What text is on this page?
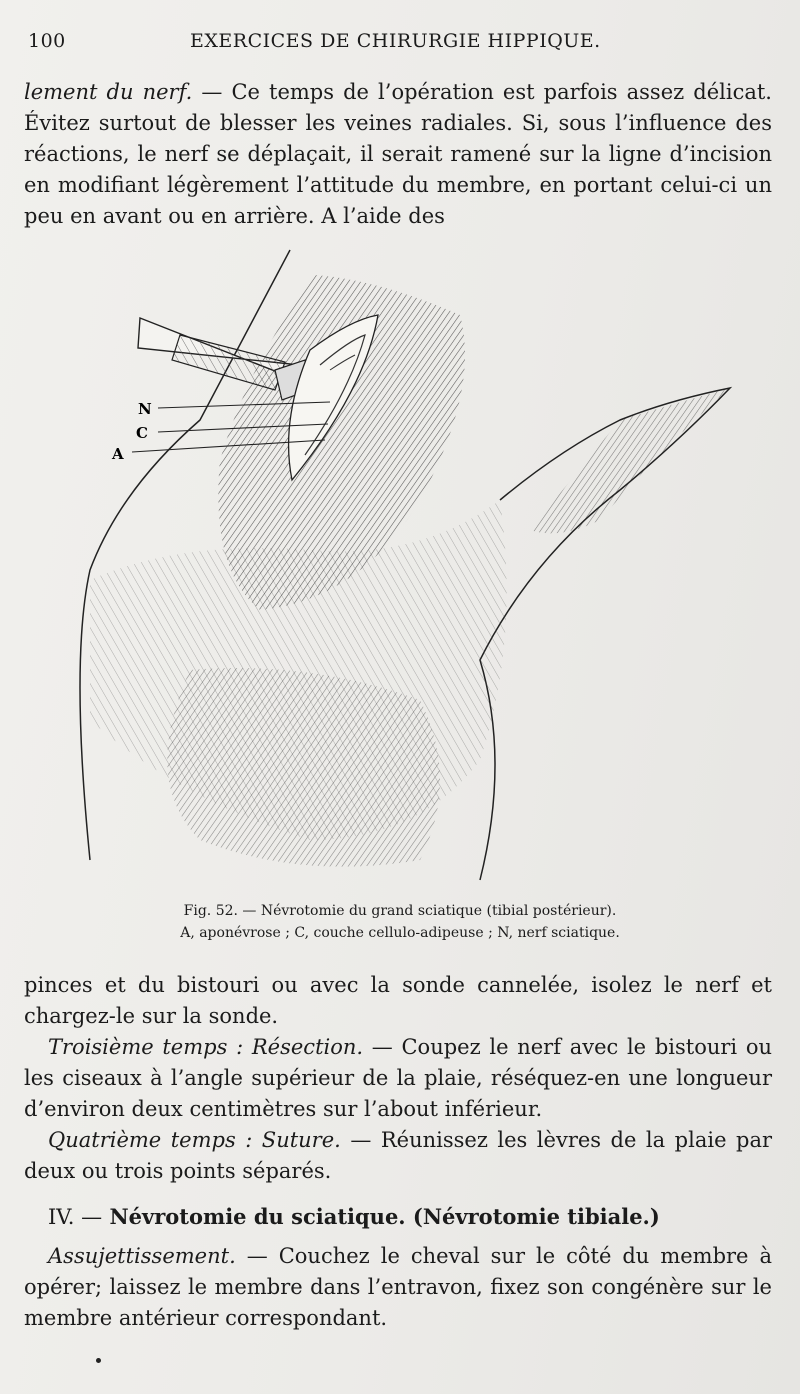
100	EXERCICES DE CHIRURGIE HIPPIQUE.

lement du nerf. — Ce temps de l’opération est parfois assez délicat. Évitez surtout de blesser les veines radiales. Si, sous l’influence des réactions, le nerf se déplaçait, il serait ramené sur la ligne d’incision en modifiant légèrement l’attitude du membre, en portant celui-ci un peu en avant ou en arrière. A l’aide des

N
C
A
Fig. 52. — Névrotomie du grand sciatique (tibial postérieur).
A, aponévrose ; C, couche cellulo-adipeuse ; N, nerf sciatique.

pinces et du bistouri ou avec la sonde cannelée, isolez le nerf et chargez-le sur la sonde.

Troisième temps : Résection. — Coupez le nerf avec le bistouri ou les ciseaux à l’angle supérieur de la plaie, réséquez-en une longueur d’environ deux centimètres sur l’about inférieur.

Quatrième temps : Suture. — Réunissez les lèvres de la plaie par deux ou trois points séparés.

IV. — Névrotomie du sciatique. (Névrotomie tibiale.)

Assujettissement. — Couchez le cheval sur le côté du membre à opérer; laissez le membre dans l’entravon, fixez son congénère sur le membre antérieur correspondant.
